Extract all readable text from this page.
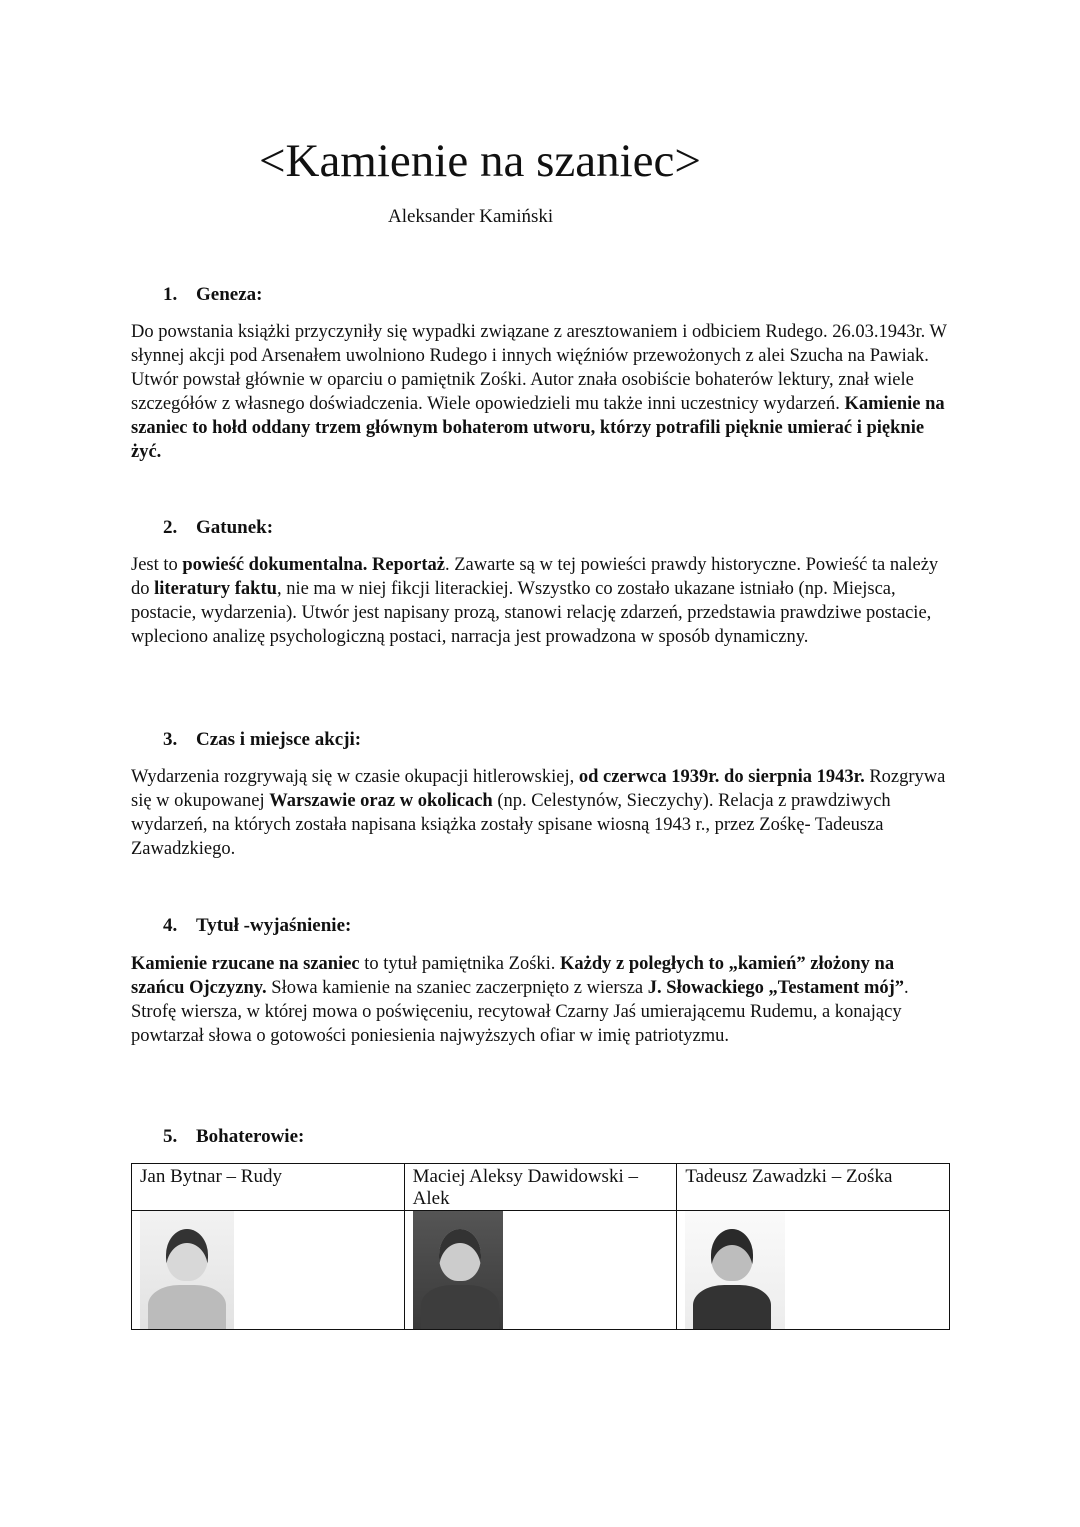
<Kamienie na szaniec>
Aleksander Kamiński
1. Geneza:
Do powstania książki przyczyniły się wypadki związane z aresztowaniem i odbiciem Rudego. 26.03.1943r. W słynnej akcji pod Arsenałem uwolniono Rudego i innych więźniów przewożonych z alei Szucha na Pawiak. Utwór powstał głównie w oparciu o pamiętnik Zośki. Autor znała osobiście bohaterów lektury, znał wiele szczegółów z własnego doświadczenia. Wiele opowiedzieli mu także inni uczestnicy wydarzeń. Kamienie na szaniec to hołd oddany trzem głównym bohaterom utworu, którzy potrafili pięknie umierać i pięknie żyć.
2. Gatunek:
Jest to powieść dokumentalna. Reportaż. Zawarte są w tej powieści prawdy historyczne. Powieść ta należy do literatury faktu, nie ma w niej fikcji literackiej. Wszystko co zostało ukazane istniało (np. Miejsca, postacie, wydarzenia). Utwór jest napisany prozą, stanowi relację zdarzeń, przedstawia prawdziwe postacie, wpleciono analizę psychologiczną postaci, narracja jest prowadzona w sposób dynamiczny.
3. Czas i miejsce akcji:
Wydarzenia rozgrywają się w czasie okupacji hitlerowskiej, od czerwca 1939r. do sierpnia 1943r. Rozgrywa się w okupowanej Warszawie oraz w okolicach (np. Celestynów, Sieczychy). Relacja z prawdziwych wydarzeń, na których została napisana książka zostały spisane wiosną 1943 r., przez Zośkę- Tadeusza Zawadzkiego.
4. Tytuł -wyjaśnienie:
Kamienie rzucane na szaniec to tytuł pamiętnika Zośki. Każdy z poległych to „kamień” złożony na szańcu Ojczyzny. Słowa kamienie na szaniec zaczerpnięto z wiersza J. Słowackiego „Testament mój”. Strofę wiersza, w której mowa o poświęceniu, recytował Czarny Jaś umierającemu Rudemu, a konający powtarzał słowa o gotowości poniesienia najwyższych ofiar w imię patriotyzmu.
5. Bohaterowie:
Jan Bytnar – Rudy	Maciej Aleksy Dawidowski – Alek	Tadeusz Zawadzki – Zośka
